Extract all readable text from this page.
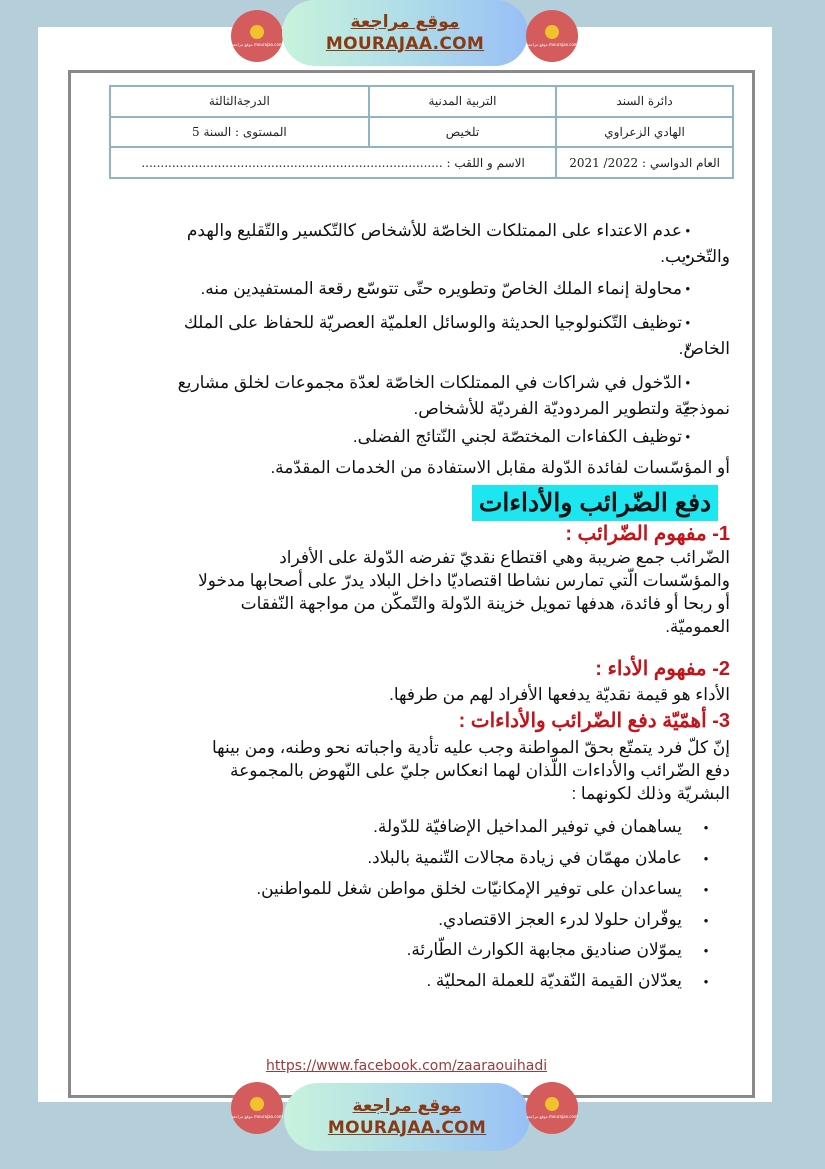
موقع مراجعة mourajaa.com
موقع مراجعة
MOURAJAA.COM	موقع مراجعة mourajaa.com
دائرة السند	التربية المدنية	الدرجةالثالثة
الهادي الزعراوي	تلخيص	المستوى : السنة 5
العام الدواسي : 2022/ 2021	الاسم و اللقب : ...............................................................................	
• عدم الاعتداء على الممتلكات الخاصّة للأشخاص كالتّكسير والتّقليع والهدم
• والتّخريب.
• محاولة إنماء الملك الخاصّ وتطويره حتّى تتوسّع رقعة المستفيدين منه.
• توظيف التّكنولوجيا الحديثة والوسائل العلميّة العصريّة للحفاظ على الملك
• الخاصّ.
• الدّخول في شراكات في الممتلكات الخاصّة لعدّة مجموعات لخلق مشاريع
• نموذجيّة ولتطوير المردوديّة الفرديّة للأشخاص.
• توظيف الكفاءات المختصّة لجني النّتائج الفضلى.
أو المؤسّسات لفائدة الدّولة مقابل الاستفادة من الخدمات المقدّمة.
دفع الضّرائب والأداءات
1- مفهوم الضّرائب :
الضّرائب جمع ضريبة وهي اقتطاع نقديّ تفرضه الدّولة على الأفراد
والمؤسّسات الّتي تمارس نشاطا اقتصاديّا داخل البلاد يدرّ على أصحابها مدخولا
أو ربحا أو فائدة، هدفها تمويل خزينة الدّولة والتّمكّن من مواجهة النّفقات
العموميّة.
2- مفهوم الأداء :
الأداء هو قيمة نقديّة يدفعها الأفراد لهم من طرفها.
3- أهمّيّة دفع الضّرائب والأداءات :
إنّ كلّ فرد يتمتّع بحقّ المواطنة وجب عليه تأدية واجباته نحو وطنه، ومن بينها
دفع الضّرائب والأداءات اللّذان لهما انعكاس جليّ على النّهوض بالمجموعة
البشريّة وذلك لكونهما :
•يساهمان في توفير المداخيل الإضافيّة للدّولة.
•عاملان مهمّان في زيادة مجالات التّنمية بالبلاد.
•يساعدان على توفير الإمكانيّات لخلق مواطن شغل للمواطنين.
•يوفّران حلولا لدرء العجز الاقتصادي.
•يموّلان صناديق مجابهة الكوارث الطّارئة.
•يعدّلان القيمة النّقديّة للعملة المحليّة .
https://www.facebook.com/zaaraouihadi
موقع مراجعة mourajaa.com
موقع مراجعة
MOURAJAA.COM
موقع مراجعة mourajaa.com
